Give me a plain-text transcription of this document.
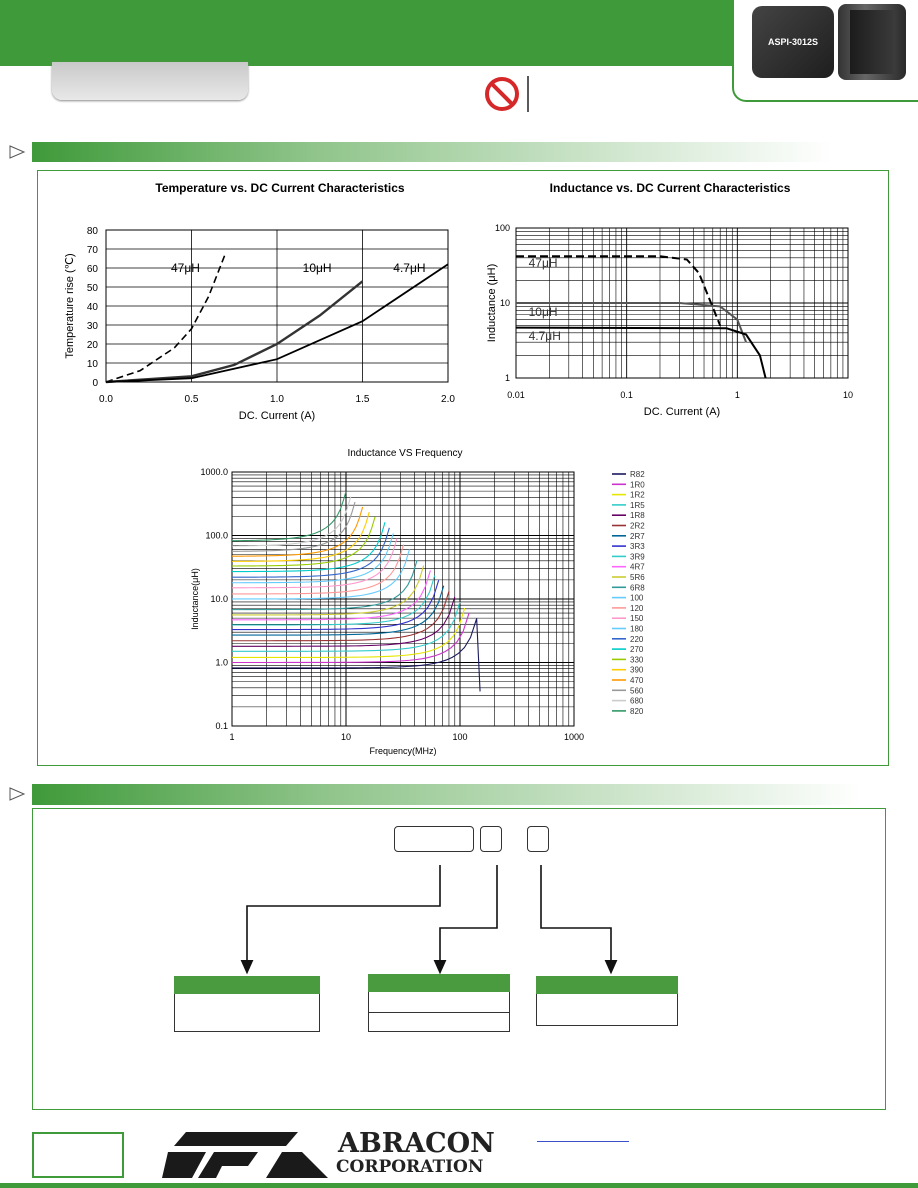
ASPI-3012S
Temperature vs. DC Current Characteristics
0
10
20
30
40
50
60
70
80
0.0	0.5	1.0	1.5	2.0
DC. Current (A)
Temperature rise (℃)	47μH	10μH	4.7μH
Inductance vs. DC Current Characteristics
0.01	0.1	1	10
1
10
100
DC. Current (A)
Inductance (μH)
47μH
10μH
4.7μH
Inductance VS Frequency
1	10	100	1000
0.1
1.0
10.0
100.0
1000.0
Frequency(MHz)
Inductance(μH)
R82
1R0
1R2
1R5
1R8
2R2
2R7
3R3
3R9
4R7
5R6
6R8
100
120
150
180
220
270
330
390
470
560
680
820
ABRACON
CORPORATION
